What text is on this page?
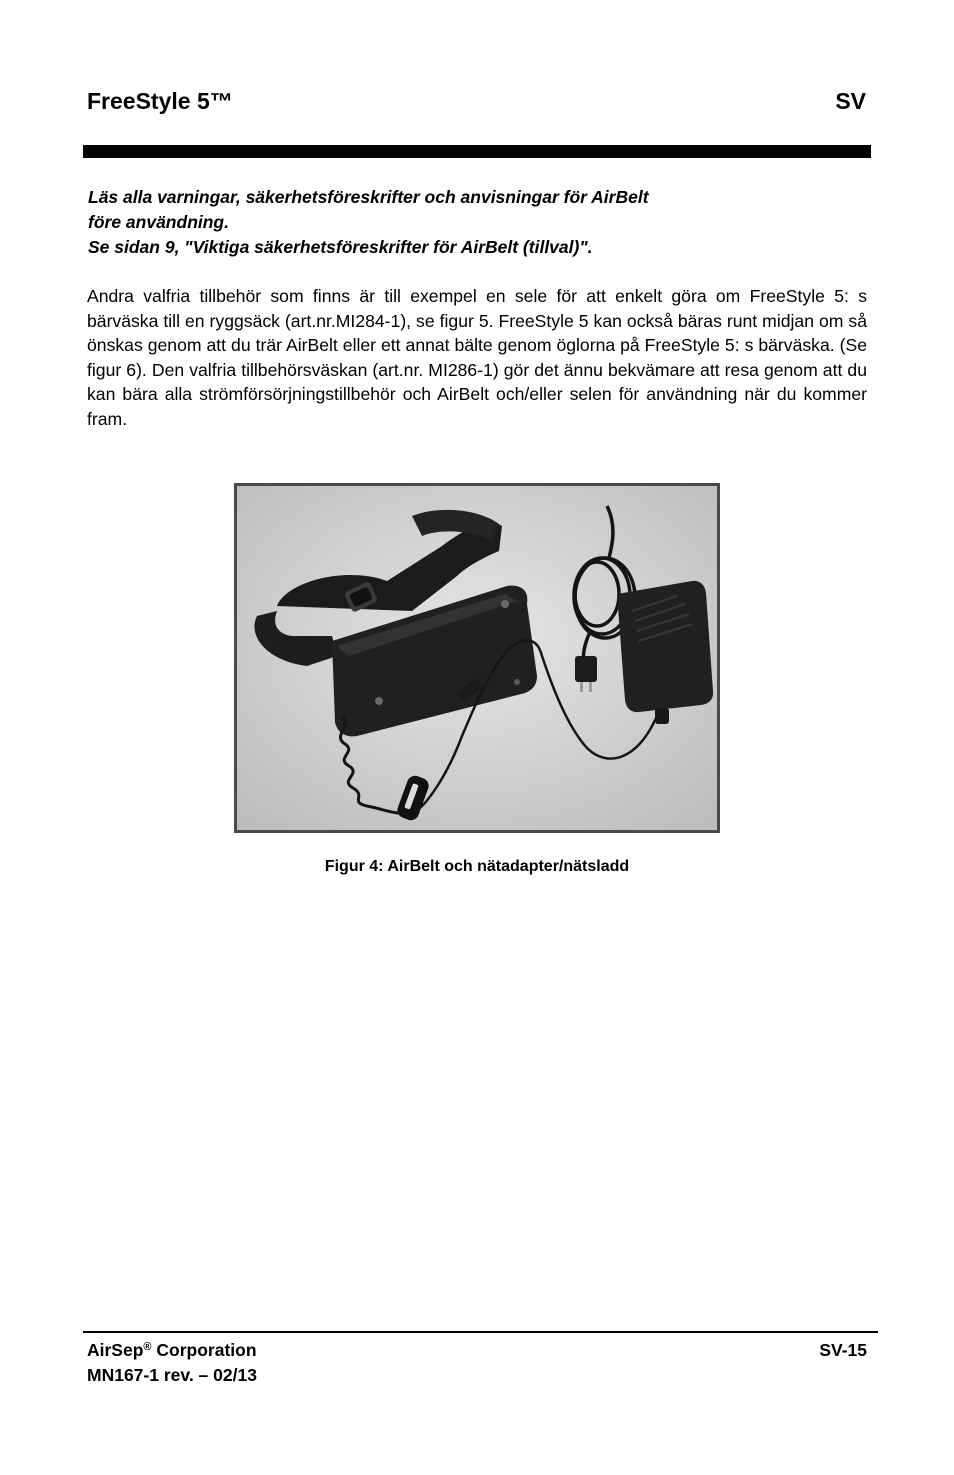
FreeStyle 5™	SV
Läs alla varningar, säkerhetsföreskrifter och anvisningar för AirBelt
före användning.
Se sidan 9, "Viktiga säkerhetsföreskrifter för AirBelt (tillval)".
Andra valfria tillbehör som finns är till exempel en sele för att enkelt göra om FreeStyle 5: s bärväska till en ryggsäck (art.nr.MI284-1), se figur 5. FreeStyle 5 kan också bäras runt midjan om så önskas genom att du trär AirBelt eller ett annat bälte genom öglorna på FreeStyle 5: s bärväska. (Se figur 6). Den valfria tillbehörsväskan (art.nr. MI286-1) gör det ännu bekvämare att resa genom att du kan bära alla strömförsörjningstillbehör och AirBelt och/eller selen för användning när du kommer fram.
Figur 4: AirBelt och nätadapter/nätsladd
AirSep® Corporation
MN167-1 rev. – 02/13
SV-15
